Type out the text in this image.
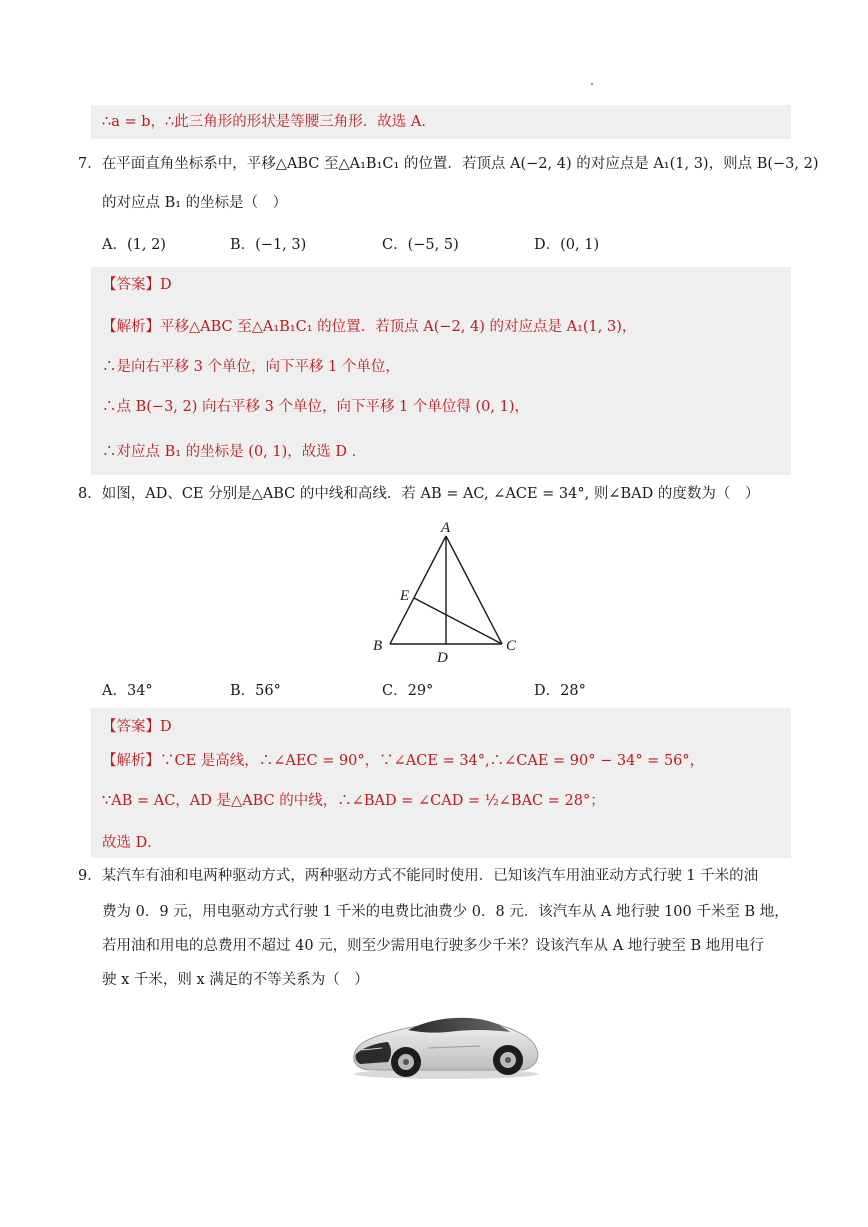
∴a = b，∴此三角形的形状是等腰三角形．故选 A．
7．在平面直角坐标系中，平移△ABC 至△A₁B₁C₁ 的位置．若顶点 A(−2, 4) 的对应点是 A₁(1, 3)，则点 B(−3, 2)
的对应点 B₁ 的坐标是（　）
A．(1, 2)	B．(−1, 3)	C．(−5, 5)	D．(0, 1)
【答案】D
【解析】平移△ABC 至△A₁B₁C₁ 的位置．若顶点 A(−2, 4) 的对应点是 A₁(1, 3)，
∴是向右平移 3 个单位，向下平移 1 个单位，
∴点 B(−3, 2) 向右平移 3 个单位，向下平移 1 个单位得 (0, 1)，
∴对应点 B₁ 的坐标是 (0, 1)，故选 D ．
8．如图，AD、CE 分别是△ABC 的中线和高线．若 AB = AC, ∠ACE = 34°, 则∠BAD 的度数为（　）
A
B	C
D
E
A．34°	B．56°	C．29°	D．28°
【答案】D
【解析】∵CE 是高线，∴∠AEC = 90°，∵∠ACE = 34°,∴∠CAE = 90° − 34° = 56°，
∵AB = AC，AD 是△ABC 的中线，∴∠BAD = ∠CAD = ½∠BAC = 28°；
故选 D．
9．某汽车有油和电两种驱动方式，两种驱动方式不能同时使用．已知该汽车用油亚动方式行驶 1 千米的油
费为 0．9 元，用电驱动方式行驶 1 千米的电费比油费少 0．8 元．该汽车从 A 地行驶 100 千米至 B 地，
若用油和用电的总费用不超过 40 元，则至少需用电行驶多少千米？设该汽车从 A 地行驶至 B 地用电行
驶 x 千米，则 x 满足的不等关系为（　）
